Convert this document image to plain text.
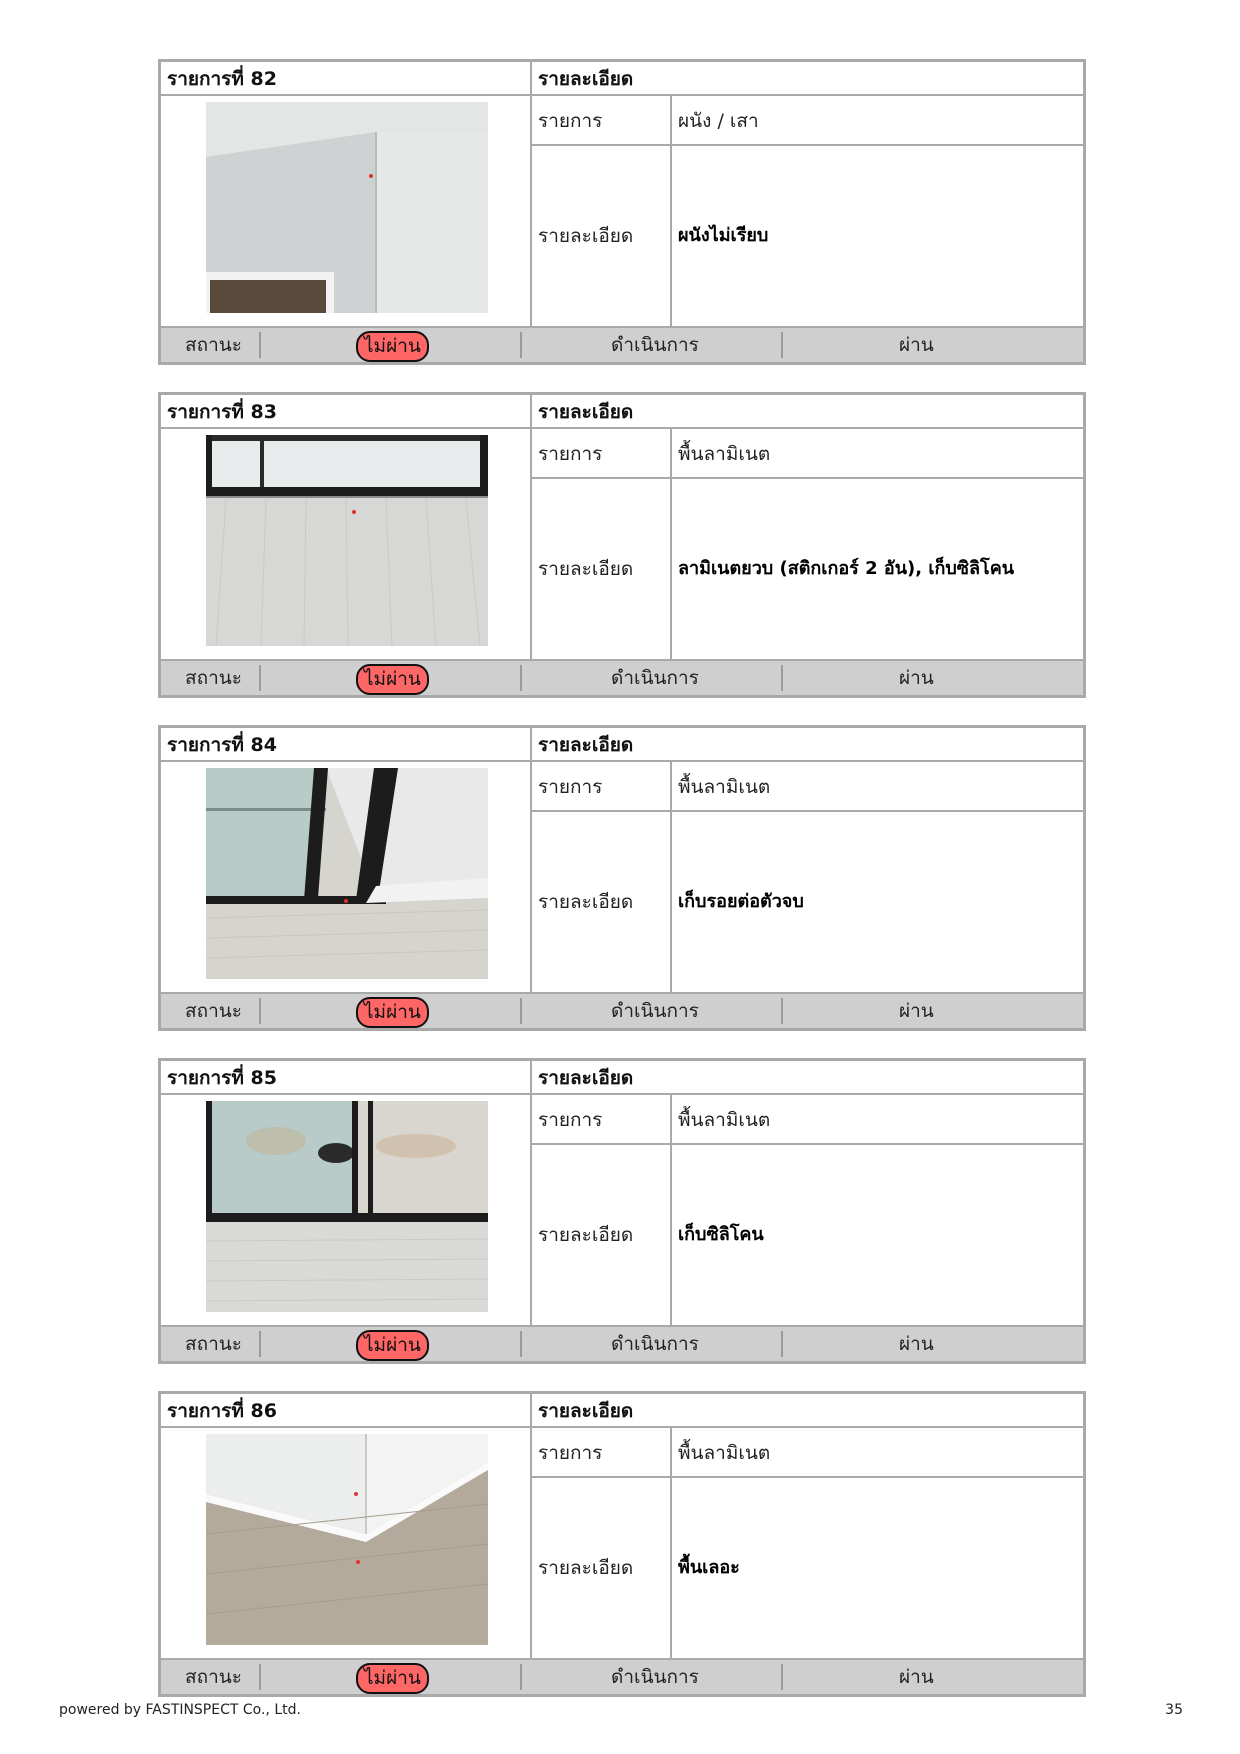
รายการที่ 82	รายละเอียด
รายการ	ผนัง / เสา
รายละเอียด ผนังไม่เรียบ
สถานะ	ไม่ผ่าน	ดำเนินการ	ผ่าน
รายการที่ 83	รายละเอียด
รายการ	พื้นลามิเนต
รายละเอียด ลามิเนตยวบ (สติกเกอร์ 2 อัน), เก็บซิลิโคน
สถานะ	ไม่ผ่าน	ดำเนินการ	ผ่าน
รายการที่ 84	รายละเอียด
รายการ	พื้นลามิเนต
รายละเอียด เก็บรอยต่อตัวจบ
สถานะ	ไม่ผ่าน	ดำเนินการ	ผ่าน
รายการที่ 85	รายละเอียด
รายการ	พื้นลามิเนต
รายละเอียด เก็บซิลิโคน
สถานะ	ไม่ผ่าน	ดำเนินการ	ผ่าน
รายการที่ 86	รายละเอียด
รายการ	พื้นลามิเนต
รายละเอียด พื้นเลอะ
สถานะ	ไม่ผ่าน	ดำเนินการ	ผ่าน
powered by FASTINSPECT Co., Ltd.	35
